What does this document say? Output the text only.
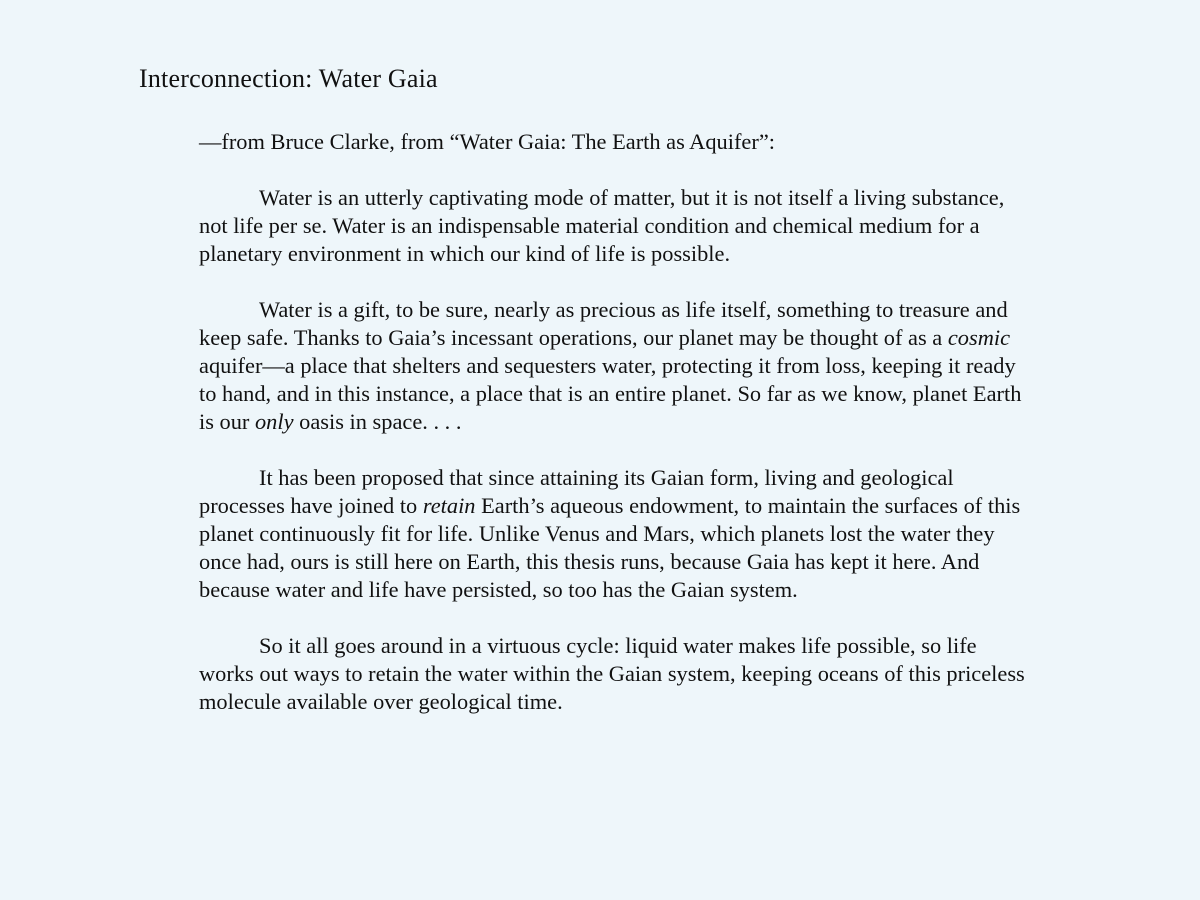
Interconnection: Water Gaia

—from Bruce Clarke, from “Water Gaia: The Earth as Aquifer”:

Water is an utterly captivating mode of matter, but it is not itself a living substance, not life per se. Water is an indispensable material condition and chemical medium for a planetary environment in which our kind of life is possible.

Water is a gift, to be sure, nearly as precious as life itself, something to treasure and keep safe. Thanks to Gaia’s incessant operations, our planet may be thought of as a cosmic aquifer—a place that shelters and sequesters water, protecting it from loss, keeping it ready to hand, and in this instance, a place that is an entire planet. So far as we know, planet Earth is our only oasis in space. . . .

It has been proposed that since attaining its Gaian form, living and geological processes have joined to retain Earth’s aqueous endowment, to maintain the surfaces of this planet continuously fit for life. Unlike Venus and Mars, which planets lost the water they once had, ours is still here on Earth, this thesis runs, because Gaia has kept it here. And because water and life have persisted, so too has the Gaian system.

So it all goes around in a virtuous cycle: liquid water makes life possible, so life works out ways to retain the water within the Gaian system, keeping oceans of this priceless molecule available over geological time.
